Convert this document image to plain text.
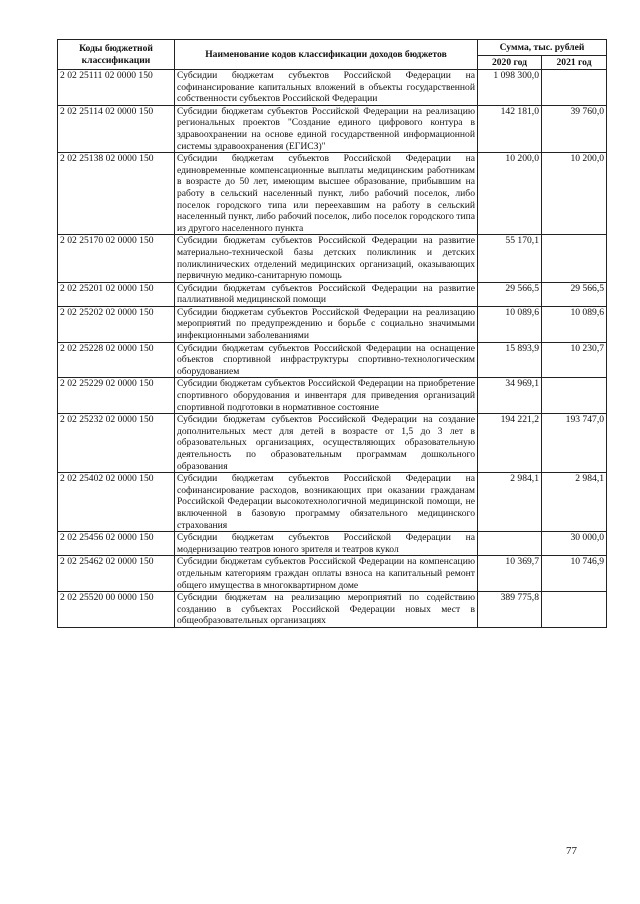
Коды бюджетной классификации	Наименование кодов классификации доходов бюджетов	Сумма, тыс. рублей	
		2020 год	2021 год
2 02 25111 02 0000 150	Субсидии бюджетам субъектов Российской Федерации на софинансирование капитальных вложений в объекты государственной собственности субъектов Российской Федерации	1 098 300,0	
2 02 25114 02 0000 150	Субсидии бюджетам субъектов Российской Федерации на реализацию региональных проектов "Создание единого цифрового контура в здравоохранении на основе единой государственной информационной системы здравоохранения (ЕГИСЗ)"	142 181,0	39 760,0
2 02 25138 02 0000 150	Субсидии бюджетам субъектов Российской Федерации на единовременные компенсационные выплаты медицинским работникам в возрасте до 50 лет, имеющим высшее образование, прибывшим на работу в сельский населенный пункт, либо рабочий поселок, либо поселок городского типа или переехавшим на работу в сельский населенный пункт, либо рабочий поселок, либо поселок городского типа из другого населенного пункта	10 200,0	10 200,0
2 02 25170 02 0000 150	Субсидии бюджетам субъектов Российской Федерации на развитие материально-технической базы детских поликлиник и детских поликлинических отделений медицинских организаций, оказывающих первичную медико-санитарную помощь	55 170,1	
2 02 25201 02 0000 150	Субсидии бюджетам субъектов Российской Федерации на развитие паллиативной медицинской помощи	29 566,5	29 566,5
2 02 25202 02 0000 150	Субсидии бюджетам субъектов Российской Федерации на реализацию мероприятий по предупреждению и борьбе с социально значимыми инфекционными заболеваниями	10 089,6	10 089,6
2 02 25228 02 0000 150	Субсидии бюджетам субъектов Российской Федерации на оснащение объектов спортивной инфраструктуры спортивно-технологическим оборудованием	15 893,9	10 230,7
2 02 25229 02 0000 150	Субсидии бюджетам субъектов Российской Федерации на приобретение спортивного оборудования и инвентаря для приведения организаций спортивной подготовки в нормативное состояние	34 969,1	
2 02 25232 02 0000 150	Субсидии бюджетам субъектов Российской Федерации на создание дополнительных мест для детей в возрасте от 1,5 до 3 лет в образовательных организациях, осуществляющих образовательную деятельность по образовательным программам дошкольного образования	194 221,2	193 747,0
2 02 25402 02 0000 150	Субсидии бюджетам субъектов Российской Федерации на софинансирование расходов, возникающих при оказании гражданам Российской Федерации высокотехнологичной медицинской помощи, не включенной в базовую программу обязательного медицинского страхования	2 984,1	2 984,1
2 02 25456 02 0000 150	Субсидии бюджетам субъектов Российской Федерации на модернизацию театров юного зрителя и театров кукол		30 000,0
2 02 25462 02 0000 150	Субсидии бюджетам субъектов Российской Федерации на компенсацию отдельным категориям граждан оплаты взноса на капитальный ремонт общего имущества в многоквартирном доме	10 369,7	10 746,9
2 02 25520 00 0000 150	Субсидии бюджетам на реализацию мероприятий по содействию созданию в субъектах Российской Федерации новых мест в общеобразовательных организациях	389 775,8	
77
